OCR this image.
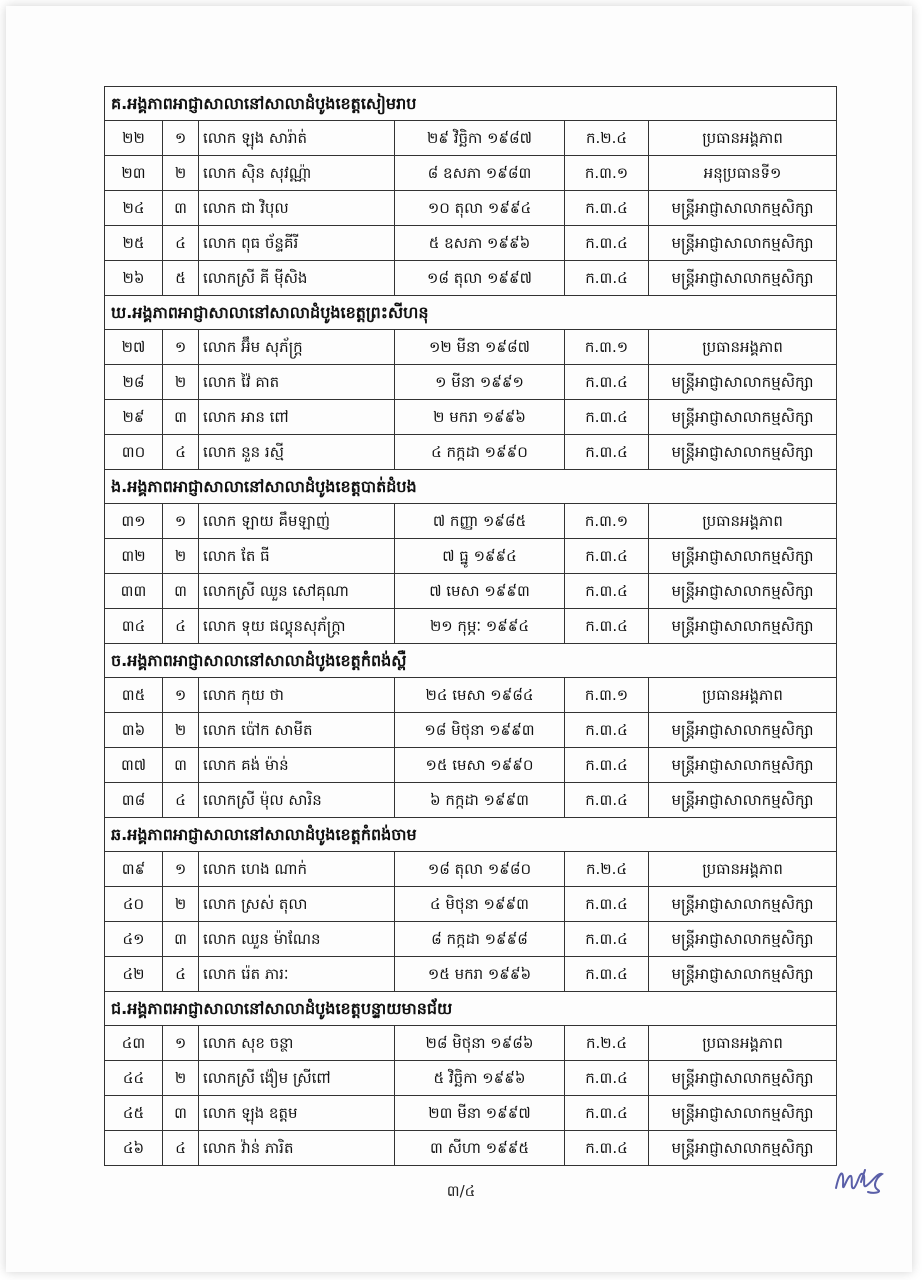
គ.អង្គភាពអាជ្ញាសាលានៅសាលាដំបូងខេត្តសៀមរាប					
២២	១	លោក ឡុង សារ៉ាត់	២៩ វិច្ឆិកា ១៩៨៧	ក.២.៤	ប្រធានអង្គភាព
២៣	២	លោក ស៊ិន សុវណ្ណ៉ា	៨ ឧសភា ១៩៨៣	ក.៣.១	អនុប្រធានទី១
២៤	៣	លោក ជា វិបុល	១០ តុលា ១៩៩៤	ក.៣.៤	មន្ត្រីអាជ្ញាសាលាកម្មសិក្សា
២៥	៤	លោក ពុធ ច័ន្ទគីរី	៥ ឧសភា ១៩៩៦	ក.៣.៤	មន្ត្រីអាជ្ញាសាលាកម្មសិក្សា
២៦	៥	លោកស្រី គី ម៉ីសិង	១៨ តុលា ១៩៩៧	ក.៣.៤	មន្ត្រីអាជ្ញាសាលាកម្មសិក្សា
ឃ.អង្គភាពអាជ្ញាសាលានៅសាលាដំបូងខេត្តព្រះសីហនុ					
២៧	១	លោក អ៊ឹម សុភ័ក្ត្រ	១២ មីនា ១៩៨៧	ក.៣.១	ប្រធានអង្គភាព
២៨	២	លោក វ៉ៃ គាត	១ មីនា ១៩៩១	ក.៣.៤	មន្ត្រីអាជ្ញាសាលាកម្មសិក្សា
២៩	៣	លោក អាន ពៅ	២ មករា ១៩៩៦	ក.៣.៤	មន្ត្រីអាជ្ញាសាលាកម្មសិក្សា
៣០	៤	លោក នួន រស្មី	៤ កក្កដា ១៩៩០	ក.៣.៤	មន្ត្រីអាជ្ញាសាលាកម្មសិក្សា
ង.អង្គភាពអាជ្ញាសាលានៅសាលាដំបូងខេត្តបាត់ដំបង					
៣១	១	លោក ឡាយ គឹមឡាញ់	៧ កញ្ញា ១៩៨៥	ក.៣.១	ប្រធានអង្គភាព
៣២	២	លោក តែ ធី	៧ ធ្នូ ១៩៩៤	ក.៣.៤	មន្ត្រីអាជ្ញាសាលាកម្មសិក្សា
៣៣	៣	លោកស្រី ឈួន សៅគុណា	៧ មេសា ១៩៩៣	ក.៣.៤	មន្ត្រីអាជ្ញាសាលាកម្មសិក្សា
៣៤	៤	លោក ទុយ ផល្គុនសុភ័ក្ត្រា	២១ កុម្ភៈ ១៩៩៤	ក.៣.៤	មន្ត្រីអាជ្ញាសាលាកម្មសិក្សា
ច.អង្គភាពអាជ្ញាសាលានៅសាលាដំបូងខេត្តកំពង់ស្ពឺ					
៣៥	១	លោក កុយ ថា	២៤ មេសា ១៩៨៤	ក.៣.១	ប្រធានអង្គភាព
៣៦	២	លោក ប៉ៅក សាមីត	១៨ មិថុនា ១៩៩៣	ក.៣.៤	មន្ត្រីអាជ្ញាសាលាកម្មសិក្សា
៣៧	៣	លោក គង់ ម៉ាន់	១៥ មេសា ១៩៩០	ក.៣.៤	មន្ត្រីអាជ្ញាសាលាកម្មសិក្សា
៣៨	៤	លោកស្រី ម៉ុល សារិន	៦ កក្កដា ១៩៩៣	ក.៣.៤	មន្ត្រីអាជ្ញាសាលាកម្មសិក្សា
ឆ.អង្គភាពអាជ្ញាសាលានៅសាលាដំបូងខេត្តកំពង់ចាម					
៣៩	១	លោក ហេង ណាក់	១៨ តុលា ១៩៨០	ក.២.៤	ប្រធានអង្គភាព
៤០	២	លោក ស្រស់ តុលា	៤ មិថុនា ១៩៩៣	ក.៣.៤	មន្ត្រីអាជ្ញាសាលាកម្មសិក្សា
៤១	៣	លោក ឈួន ម៉ាណែន	៨ កក្កដា ១៩៩៨	ក.៣.៤	មន្ត្រីអាជ្ញាសាលាកម្មសិក្សា
៤២	៤	លោក រ៉េត ភារៈ	១៥ មករា ១៩៩៦	ក.៣.៤	មន្ត្រីអាជ្ញាសាលាកម្មសិក្សា
ជ.អង្គភាពអាជ្ញាសាលានៅសាលាដំបូងខេត្តបន្ទាយមានជ័យ					
៤៣	១	លោក សុខ ចន្ថា	២៨ មិថុនា ១៩៨៦	ក.២.៤	ប្រធានអង្គភាព
៤៤	២	លោកស្រី ង៉ៀម ស្រីពៅ	៥ វិច្ឆិកា ១៩៩៦	ក.៣.៤	មន្ត្រីអាជ្ញាសាលាកម្មសិក្សា
៤៥	៣	លោក ឡុង ឧត្តម	២៣ មីនា ១៩៩៧	ក.៣.៤	មន្ត្រីអាជ្ញាសាលាកម្មសិក្សា
៤៦	៤	លោក វ៉ាន់ ភារិត	៣ សីហា ១៩៩៥	ក.៣.៤	មន្ត្រីអាជ្ញាសាលាកម្មសិក្សា
៣/៤
